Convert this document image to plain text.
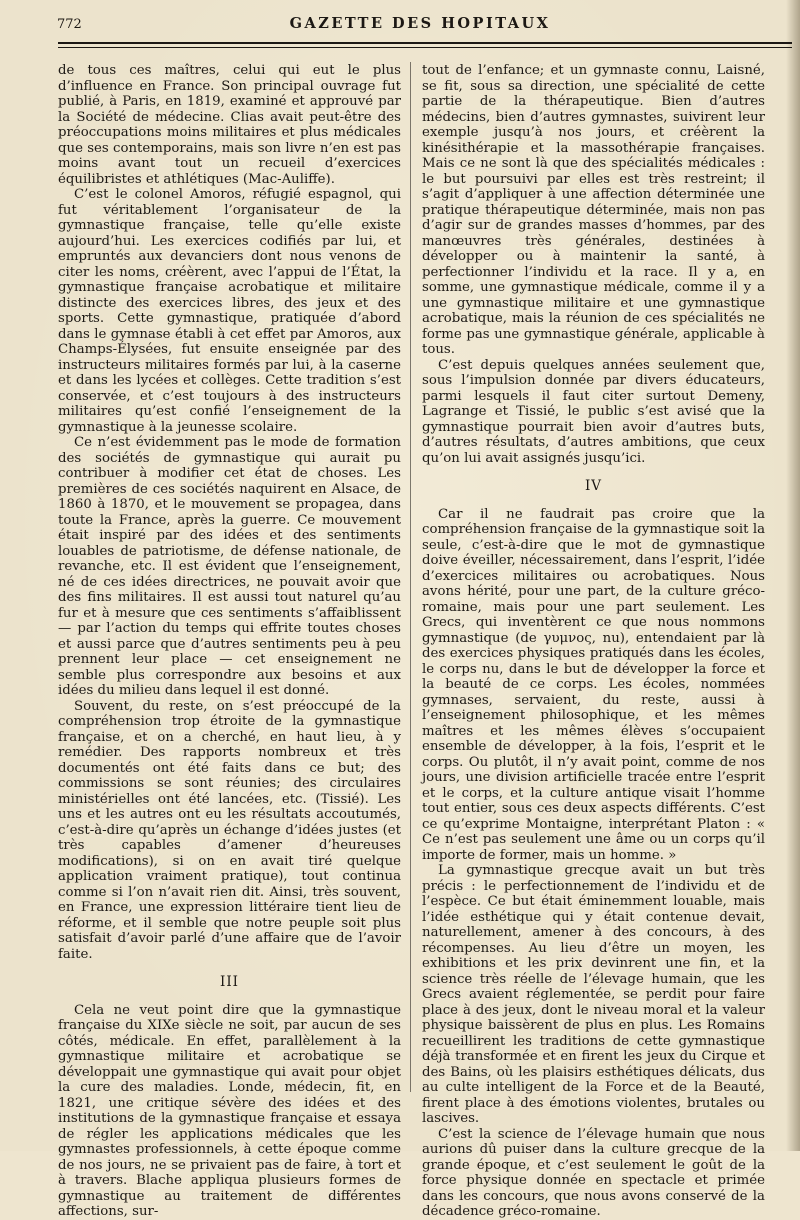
772	GAZETTE DES HOPITAUX

de tous ces maîtres, celui qui eut le plus d’influence en France. Son principal ouvrage fut publié, à Paris, en 1819, examiné et approuvé par la Société de médecine. Clias avait peut-être des préoccupations moins militaires et plus médicales que ses contemporains, mais son livre n’en est pas moins avant tout un recueil d’exercices équilibristes et athlétiques (Mac-Auliffe).

C’est le colonel Amoros, réfugié espagnol, qui fut véritablement l’organisateur de la gymnastique française, telle qu’elle existe aujourd’hui. Les exercices codifiés par lui, et empruntés aux devanciers dont nous venons de citer les noms, créèrent, avec l’appui de l’État, la gymnastique française acrobatique et militaire distincte des exercices libres, des jeux et des sports. Cette gymnastique, pratiquée d’abord dans le gymnase établi à cet effet par Amoros, aux Champs-Élysées, fut ensuite enseignée par des instructeurs militaires formés par lui, à la caserne et dans les lycées et collèges. Cette tradition s’est conservée, et c’est toujours à des instructeurs militaires qu’est confié l’enseignement de la gymnastique à la jeunesse scolaire.

Ce n’est évidemment pas le mode de formation des sociétés de gymnastique qui aurait pu contribuer à modifier cet état de choses. Les premières de ces sociétés naquirent en Alsace, de 1860 à 1870, et le mouvement se propagea, dans toute la France, après la guerre. Ce mouvement était inspiré par des idées et des sentiments louables de patriotisme, de défense nationale, de revanche, etc. Il est évident que l’enseignement, né de ces idées directrices, ne pouvait avoir que des fins militaires. Il est aussi tout naturel qu’au fur et à mesure que ces sentiments s’affaiblissent — par l’action du temps qui effrite toutes choses et aussi parce que d’autres sentiments peu à peu prennent leur place — cet enseignement ne semble plus correspondre aux besoins et aux idées du milieu dans lequel il est donné.

Souvent, du reste, on s’est préoccupé de la compréhension trop étroite de la gymnastique française, et on a cherché, en haut lieu, à y remédier. Des rapports nombreux et très documentés ont été faits dans ce but; des commissions se sont réunies; des circulaires ministérielles ont été lancées, etc. (Tissié). Les uns et les autres ont eu les résultats accoutumés, c’est-à-dire qu’après un échange d’idées justes (et très capables d’amener d’heureuses modifications), si on en avait tiré quelque application vraiment pratique), tout continua comme si l’on n’avait rien dit. Ainsi, très souvent, en France, une expression littéraire tient lieu de réforme, et il semble que notre peuple soit plus satisfait d’avoir parlé d’une affaire que de l’avoir faite.

III

Cela ne veut point dire que la gymnastique française du XIXe siècle ne soit, par aucun de ses côtés, médicale. En effet, parallèlement à la gymnastique militaire et acrobatique se développait une gymnastique qui avait pour objet la cure des maladies. Londe, médecin, fit, en 1821, une critique sévère des idées et des institutions de la gymnastique française et essaya de régler les applications médicales que les gymnastes professionnels, à cette époque comme de nos jours, ne se privaient pas de faire, à tort et à travers. Blache appliqua plusieurs formes de gymnastique au traitement de différentes affections, sur-

tout de l’enfance; et un gymnaste connu, Laisné, se fit, sous sa direction, une spécialité de cette partie de la thérapeutique. Bien d’autres médecins, bien d’autres gymnastes, suivirent leur exemple jusqu’à nos jours, et créèrent la kinésithérapie et la massothérapie françaises. Mais ce ne sont là que des spécialités médicales : le but poursuivi par elles est très restreint; il s’agit d’appliquer à une affection déterminée une pratique thérapeutique déterminée, mais non pas d’agir sur de grandes masses d’hommes, par des manœuvres très générales, destinées à développer ou à maintenir la santé, à perfectionner l’individu et la race. Il y a, en somme, une gymnastique médicale, comme il y a une gymnastique militaire et une gymnastique acrobatique, mais la réunion de ces spécialités ne forme pas une gymnastique générale, applicable à tous.

C’est depuis quelques années seulement que, sous l’impulsion donnée par divers éducateurs, parmi lesquels il faut citer surtout Demeny, Lagrange et Tissié, le public s’est avisé que la gymnastique pourrait bien avoir d’autres buts, d’autres résultats, d’autres ambitions, que ceux qu’on lui avait assignés jusqu’ici.

IV

Car il ne faudrait pas croire que la compréhension française de la gymnastique soit la seule, c’est-à-dire que le mot de gymnastique doive éveiller, nécessairement, dans l’esprit, l’idée d’exercices militaires ou acrobatiques. Nous avons hérité, pour une part, de la culture gréco-romaine, mais pour une part seulement. Les Grecs, qui inventèrent ce que nous nommons gymnastique (de γυμνος, nu), entendaient par là des exercices physiques pratiqués dans les écoles, le corps nu, dans le but de développer la force et la beauté de ce corps. Les écoles, nommées gymnases, servaient, du reste, aussi à l’enseignement philosophique, et les mêmes maîtres et les mêmes élèves s’occupaient ensemble de développer, à la fois, l’esprit et le corps. Ou plutôt, il n’y avait point, comme de nos jours, une division artificielle tracée entre l’esprit et le corps, et la culture antique visait l’homme tout entier, sous ces deux aspects différents. C’est ce qu’exprime Montaigne, interprétant Platon : « Ce n’est pas seulement une âme ou un corps qu’il importe de former, mais un homme. »

La gymnastique grecque avait un but très précis : le perfectionnement de l’individu et de l’espèce. Ce but était éminemment louable, mais l’idée esthétique qui y était contenue devait, naturellement, amener à des concours, à des récompenses. Au lieu d’être un moyen, les exhibitions et les prix devinrent une fin, et la science très réelle de l’élevage humain, que les Grecs avaient réglementée, se perdit pour faire place à des jeux, dont le niveau moral et la valeur physique baissèrent de plus en plus. Les Romains recueillirent les traditions de cette gymnastique déjà transformée et en firent les jeux du Cirque et des Bains, où les plaisirs esthétiques délicats, dus au culte intelligent de la Force et de la Beauté, firent place à des émotions violentes, brutales ou lascives.

C’est la science de l’élevage humain que nous aurions dû puiser dans la culture grecque de la grande époque, et c’est seulement le goût de la force physique donnée en spectacle et primée dans les concours, que nous avons conservé de la décadence gréco-romaine.
